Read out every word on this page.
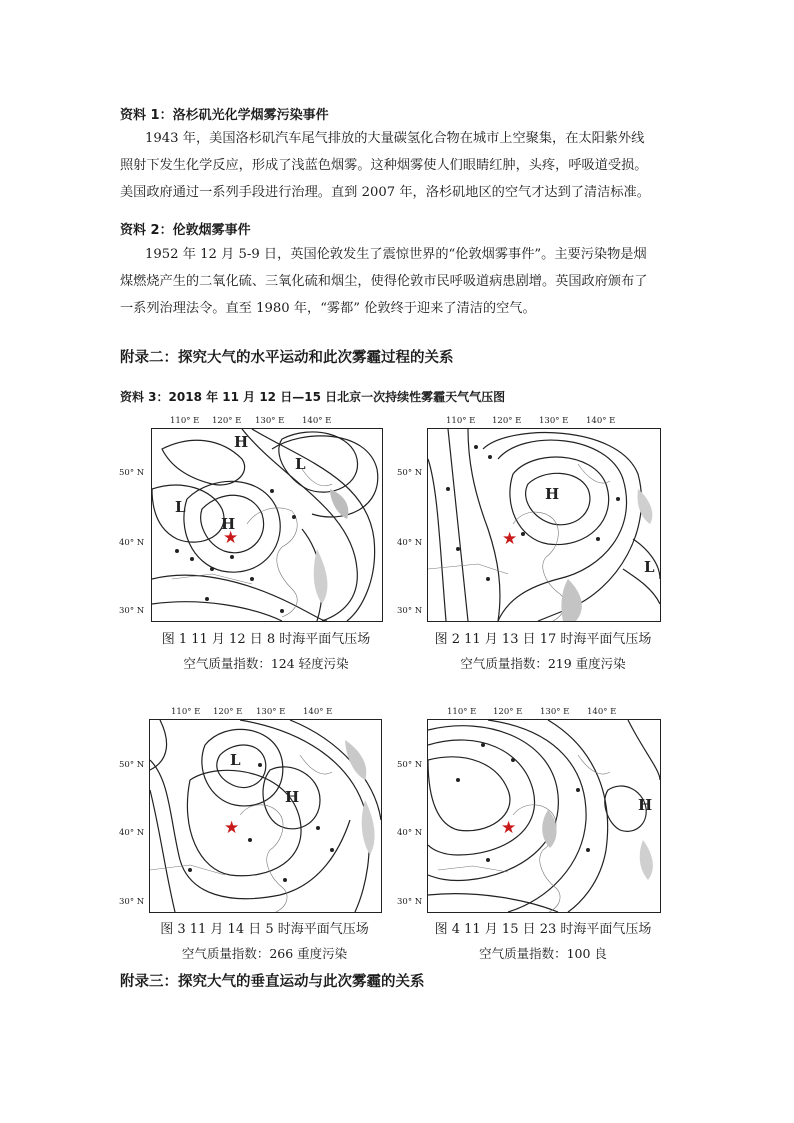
资料 1：洛杉矶光化学烟雾污染事件
1943 年，美国洛杉矶汽车尾气排放的大量碳氢化合物在城市上空聚集，在太阳紫外线
照射下发生化学反应，形成了浅蓝色烟雾。这种烟雾使人们眼睛红肿，头疼，呼吸道受损。
美国政府通过一系列手段进行治理。直到 2007 年，洛杉矶地区的空气才达到了清洁标准。
资料 2：伦敦烟雾事件
1952 年 12 月 5-9 日，英国伦敦发生了震惊世界的“伦敦烟雾事件”。主要污染物是烟
煤燃烧产生的二氧化硫、三氧化硫和烟尘，使得伦敦市民呼吸道病患剧增。英国政府颁布了
一系列治理法令。直至 1980 年，“雾都” 伦敦终于迎来了清洁的空气。
附录二：探究大气的水平运动和此次雾霾过程的关系
资料 3：2018 年 11 月 12 日—15 日北京一次持续性雾霾天气气压图
110° E 120° E 130° E 140° E
50° N
40° N
30° N
H
L
H
L
★
图 1 11 月 12 日 8 时海平面气压场
空气质量指数：124 轻度污染
110° E 120° E 130° E 140° E
50° N
40° N
30° N
H
L
★
图 2 11 月 13 日 17 时海平面气压场
空气质量指数：219 重度污染
110° E 120° E 130° E 140° E
50° N
40° N
30° N
L
H
★
图 3 11 月 14 日 5 时海平面气压场
空气质量指数：266 重度污染
110° E 120° E 130° E 140° E
50° N
40° N
30° N
H
★
图 4 11 月 15 日 23 时海平面气压场
空气质量指数：100 良
附录三：探究大气的垂直运动与此次雾霾的关系
